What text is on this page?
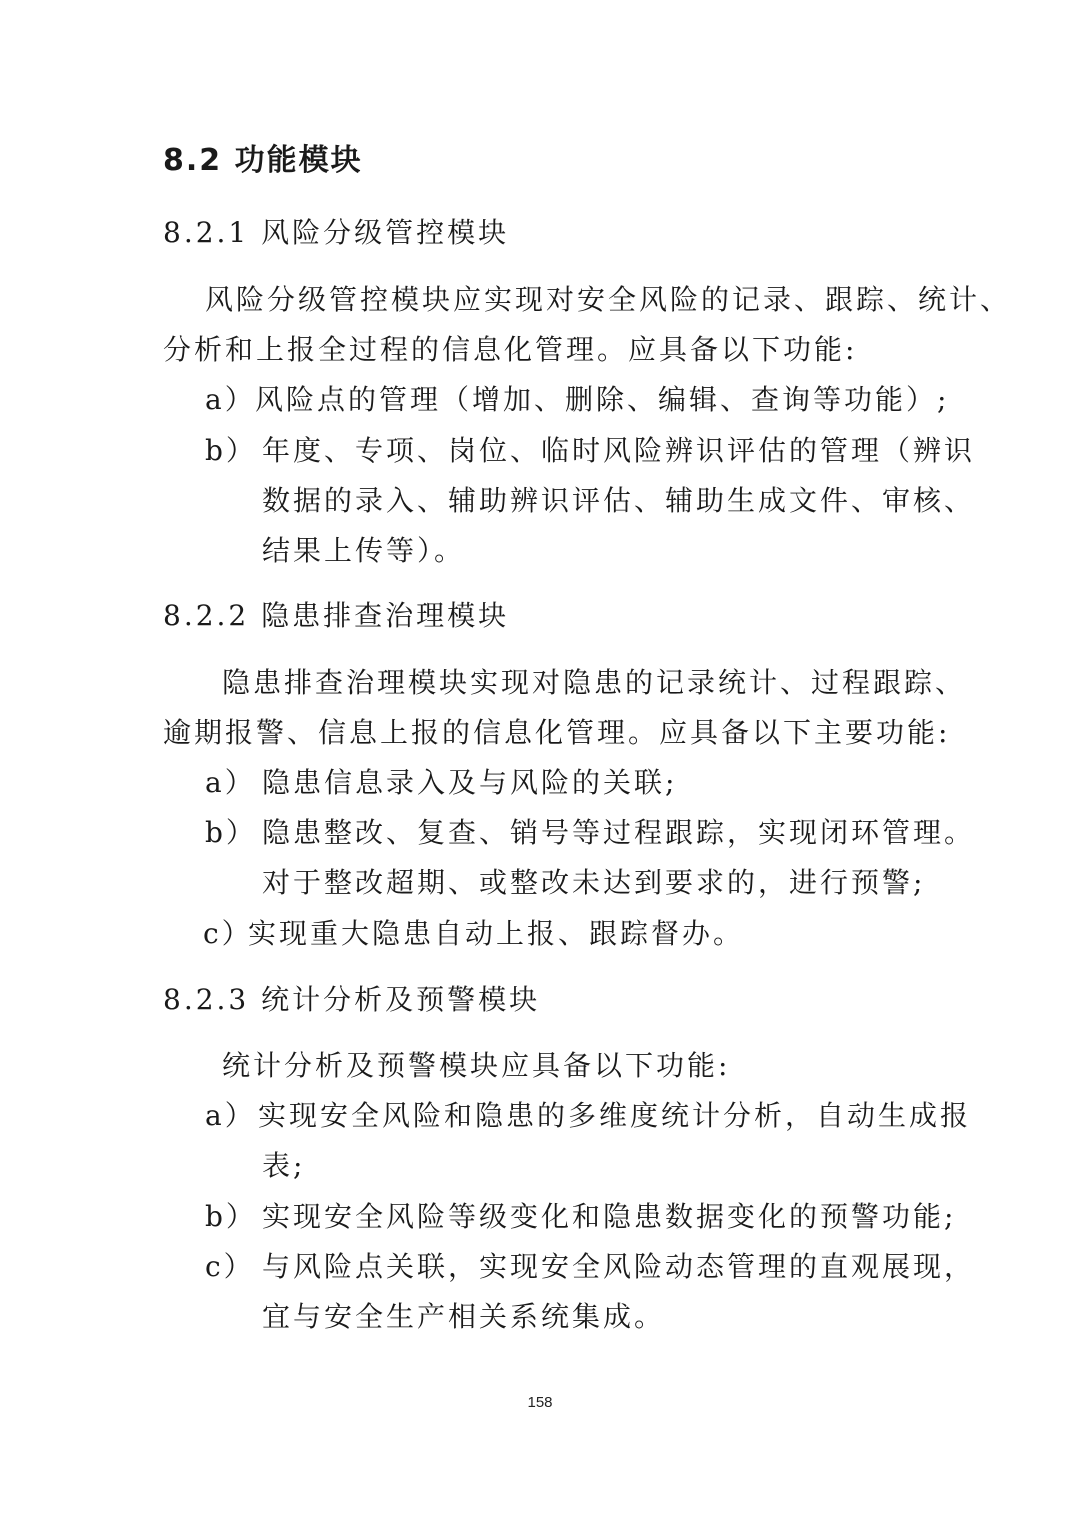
8.2 功能模块
8.2.1 风险分级管控模块
风险分级管控模块应实现对安全风险的记录、跟踪、统计、
分析和上报全过程的信息化管理。应具备以下功能:
a） 风险点的管理（增加、删除、编辑、查询等功能）;
b） 年度、专项、岗位、临时风险辨识评估的管理（辨识
数据的录入、辅助辨识评估、辅助生成文件、审核、
结果上传等）。
8.2.2 隐患排查治理模块
隐患排查治理模块实现对隐患的记录统计、过程跟踪、
逾期报警、信息上报的信息化管理。应具备以下主要功能:
a） 隐患信息录入及与风险的关联;
b） 隐患整改、复查、销号等过程跟踪，实现闭环管理。
对于整改超期、或整改未达到要求的，进行预警;
c）
实现重大隐患自动上报、跟踪督办。
8.2.3 统计分析及预警模块
统计分析及预警模块应具备以下功能:
a） 实现安全风险和隐患的多维度统计分析，自动生成报
表;
b） 实现安全风险等级变化和隐患数据变化的预警功能;
c） 与风险点关联，实现安全风险动态管理的直观展现，
宜与安全生产相关系统集成。
158
